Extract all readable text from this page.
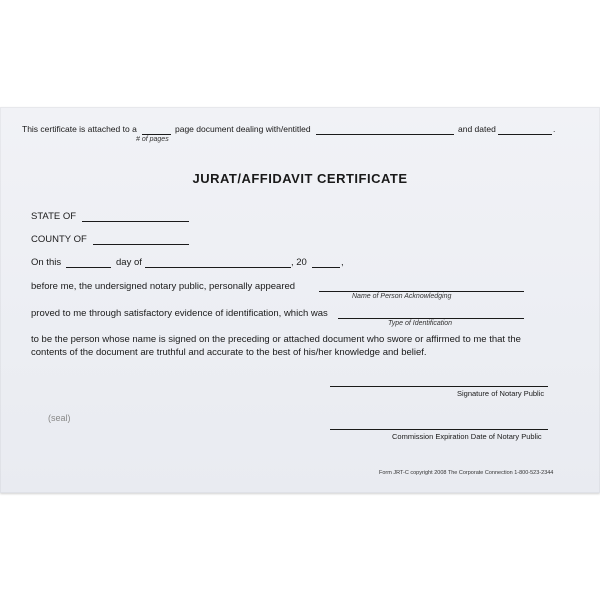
This certificate is attached to a	page document dealing with/entitled	and dated	.
# of pages
JURAT/AFFIDAVIT CERTIFICATE
STATE OF
COUNTY OF
On this	day of	, 20	,
before me, the undersigned notary public, personally appeared
Name of Person Acknowledging
proved to me through satisfactory evidence of identification, which was
Type of Identification
to be the person whose name is signed on the preceding or attached document who swore or affirmed to me that the
contents of the document are truthful and accurate to the best of his/her knowledge and belief.
Signature of Notary Public
(seal)
Commission Expiration Date of Notary Public
Form JRT-C copyright 2008 The Corporate Connection 1-800-523-2344
